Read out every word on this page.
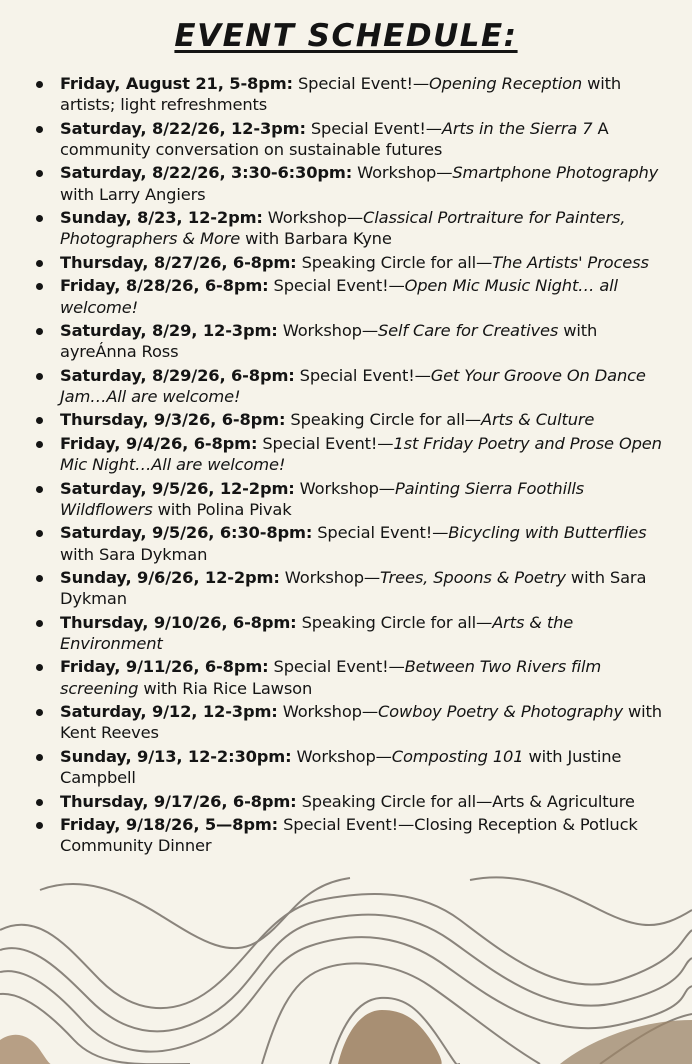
EVENT SCHEDULE:
Friday, August 21, 5-8pm: Special Event!—Opening Reception with artists; light refreshments
Saturday, 8/22/26, 12-3pm: Special Event!—Arts in the Sierra 7 A community conversation on sustainable futures
Saturday, 8/22/26, 3:30-6:30pm: Workshop—Smartphone Photography with Larry Angiers
Sunday, 8/23, 12-2pm: Workshop—Classical Portraiture for Painters, Photographers & More with Barbara Kyne
Thursday, 8/27/26, 6-8pm: Speaking Circle for all—The Artists' Process
Friday, 8/28/26, 6-8pm: Special Event!—Open Mic Music Night… all welcome!
Saturday, 8/29, 12-3pm: Workshop—Self Care for Creatives with ayreÁnna Ross
Saturday, 8/29/26, 6-8pm: Special Event!—Get Your Groove On Dance Jam…All are welcome!
Thursday, 9/3/26, 6-8pm: Speaking Circle for all—Arts & Culture
Friday, 9/4/26, 6-8pm: Special Event!—1st Friday Poetry and Prose Open Mic Night…All are welcome!
Saturday, 9/5/26, 12-2pm: Workshop—Painting Sierra Foothills Wildflowers with Polina Pivak
Saturday, 9/5/26, 6:30-8pm: Special Event!—Bicycling with Butterflies with Sara Dykman
Sunday, 9/6/26, 12-2pm: Workshop—Trees, Spoons & Poetry with Sara Dykman
Thursday, 9/10/26, 6-8pm: Speaking Circle for all—Arts & the Environment
Friday, 9/11/26, 6-8pm: Special Event!—Between Two Rivers film screening with Ria Rice Lawson
Saturday, 9/12, 12-3pm: Workshop—Cowboy Poetry & Photography with Kent Reeves
Sunday, 9/13, 12-2:30pm: Workshop—Composting 101 with Justine Campbell
Thursday, 9/17/26, 6-8pm: Speaking Circle for all—Arts & Agriculture
Friday, 9/18/26, 5—8pm: Special Event!—Closing Reception & Potluck Community Dinner
